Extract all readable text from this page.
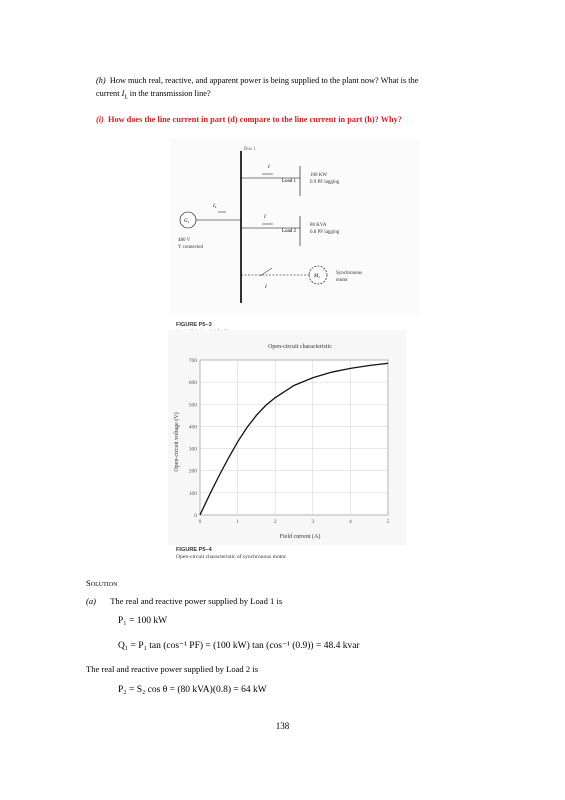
(h) How much real, reactive, and apparent power is being supplied to the plant now? What is the
current $I_L$ in the transmission line?
(i) How does the line current in part (d) compare to the line current in part (h)? Why?
Bus 1
$G_1$
$I_L$
480 V
Y connected
I
Load 1
100 KW
0.9 PF lagging
I
Load 2
80 KVA
0.8 PF lagging
I
$M_1$
Synchronous
motor
FIGURE P5–3
A small industrial facility.
Open-circuit characteristic
Field current (A)
Open-circuit voltage (V)
0
100
200
300
400
500
600
700
0	1	2	3	4	5
FIGURE P5–4
Open-circuit characteristic of synchronous motor.
Solution
(a) The real and reactive power supplied by Load 1 is
P₁ = 100 kW
Q₁ = P₁ tan (cos⁻¹ PF) = (100 kW) tan (cos⁻¹ (0.9)) = 48.4 kvar
The real and reactive power supplied by Load 2 is
P₂ = S₂ cos θ = (80 kVA)(0.8) = 64 kW
138
